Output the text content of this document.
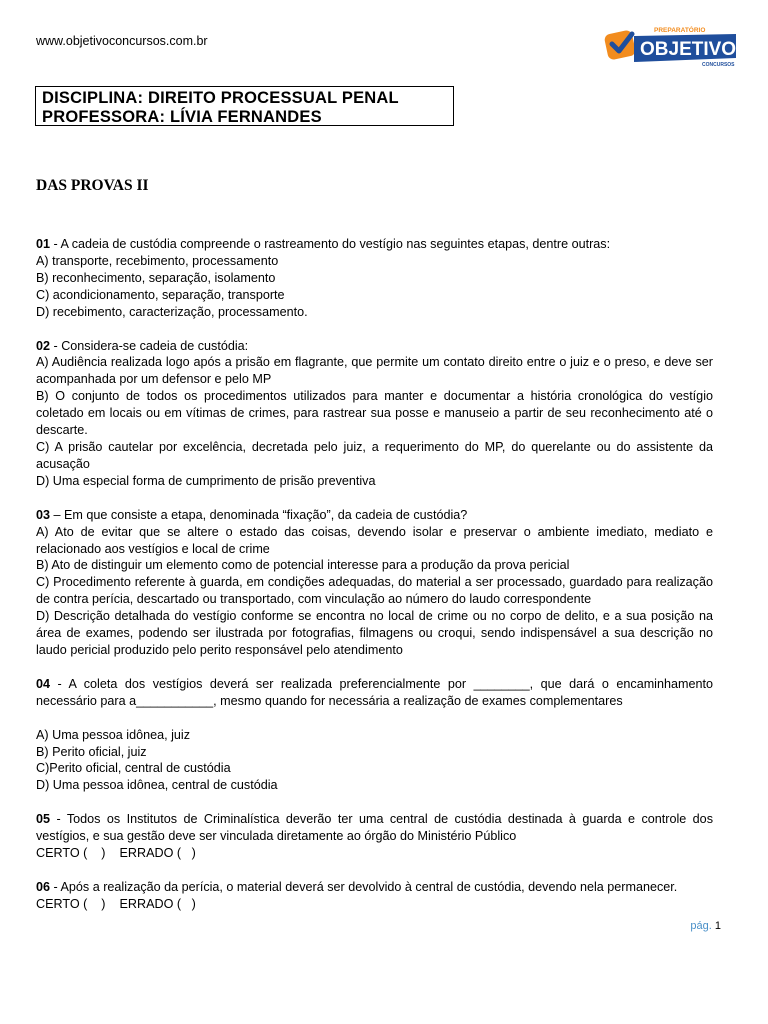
www.objetivoconcursos.com.br
PREPARATÓRIO
OBJETIVO
CONCURSOS
DISCIPLINA: DIREITO PROCESSUAL PENAL
PROFESSORA: LÍVIA FERNANDES
DAS PROVAS II

01 - A cadeia de custódia compreende o rastreamento do vestígio nas seguintes etapas, dentre outras:

A) transporte, recebimento, processamento

B) reconhecimento, separação, isolamento

C) acondicionamento, separação, transporte

D) recebimento, caracterização, processamento.

02 - Considera-se cadeia de custódia:

A) Audiência realizada logo após a prisão em flagrante, que permite um contato direito entre o juiz e o preso, e deve ser acompanhada por um defensor e pelo MP

B) O conjunto de todos os procedimentos utilizados para manter e documentar a história cronológica do vestígio coletado em locais ou em vítimas de crimes, para rastrear sua posse e manuseio a partir de seu reconhecimento até o descarte.

C) A prisão cautelar por excelência, decretada pelo juiz, a requerimento do MP, do querelante ou do assistente da acusação

D) Uma especial forma de cumprimento de prisão preventiva

03 – Em que consiste a etapa, denominada “fixação”, da cadeia de custódia?

A) Ato de evitar que se altere o estado das coisas, devendo isolar e preservar o ambiente imediato, mediato e relacionado aos vestígios e local de crime

B) Ato de distinguir um elemento como de potencial interesse para a produção da prova pericial

C) Procedimento referente à guarda, em condições adequadas, do material a ser processado, guardado para realização de contra perícia, descartado ou transportado, com vinculação ao número do laudo correspondente

D) Descrição detalhada do vestígio conforme se encontra no local de crime ou no corpo de delito, e a sua posição na área de exames, podendo ser ilustrada por fotografias, filmagens ou croqui, sendo indispensável a sua descrição no laudo pericial produzido pelo perito responsável pelo atendimento

04 - A coleta dos vestígios deverá ser realizada preferencialmente por ________, que dará o encaminhamento necessário para a___________, mesmo quando for necessária a realização de exames complementares

A) Uma pessoa idônea, juiz

B) Perito oficial, juiz

C)Perito oficial, central de custódia

D) Uma pessoa idônea, central de custódia

05 - Todos os Institutos de Criminalística deverão ter uma central de custódia destinada à guarda e controle dos vestígios, e sua gestão deve ser vinculada diretamente ao órgão do Ministério Público

CERTO (    )    ERRADO (   )

06 - Após a realização da perícia, o material deverá ser devolvido à central de custódia, devendo nela permanecer.

CERTO (    )    ERRADO (   )

pág. 1
